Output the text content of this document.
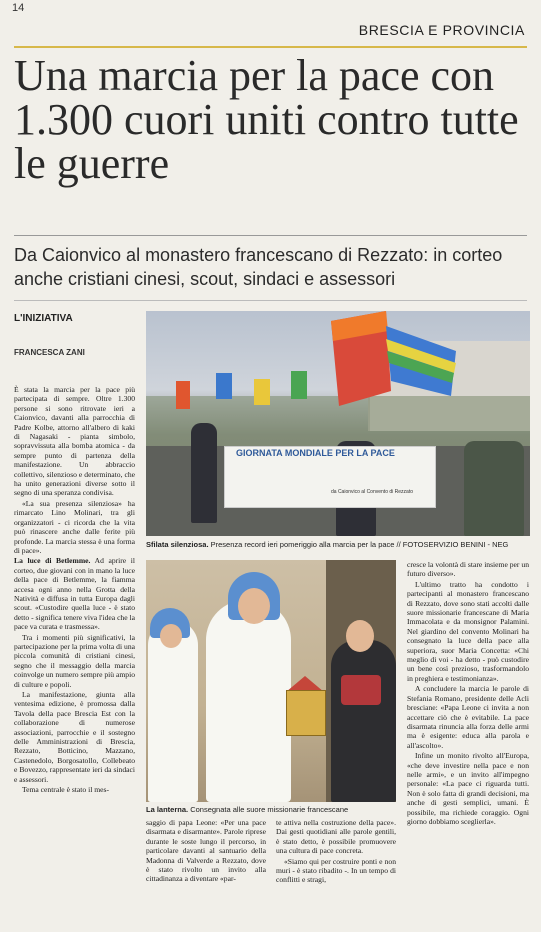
14
BRESCIA E PROVINCIA
Una marcia per la pace con 1.300 cuori uniti contro tutte le guerre

Da Caionvico al monastero francescano di Rezzato: in corteo anche cristiani cinesi, scout, sindaci e assessori

L'INIZIATIVA
FRANCESCA ZANI

È stata la marcia per la pace più partecipata di sempre. Oltre 1.300 persone si sono ritrovate ieri a Caionvico, davanti alla parrocchia di Padre Kolbe, attorno all'albero di kaki di Nagasaki - pianta simbolo, sopravvissuta alla bomba atomica - da sempre punto di partenza della manifestazione. Un abbraccio collettivo, silenzioso e determinato, che ha unito generazioni diverse sotto il segno di una speranza condivisa.

«La sua presenza silenziosa» ha rimarcato Lino Molinari, tra gli organizzatori - ci ricorda che la vita può rinascere anche dalle ferite più profonde. La marcia stessa è una forma di pace».

La luce di Betlemme. Ad aprire il corteo, due giovani con in mano la luce della pace di Betlemme, la fiamma accesa ogni anno nella Grotta della Natività e diffusa in tutta Europa dagli scout. «Custodire quella luce - è stato detto - significa tenere viva l'idea che la pace va curata e trasmessa».

Tra i momenti più significativi, la partecipazione per la prima volta di una piccola comunità di cristiani cinesi, segno che il messaggio della marcia coinvolge un numero sempre più ampio di culture e popoli.

La manifestazione, giunta alla ventesima edizione, è promossa dalla Tavola della pace Brescia Est con la collaborazione di numerose associazioni, parrocchie e il sostegno delle Amministrazioni di Brescia, Rezzato, Botticino, Mazzano, Castenedolo, Borgosatollo, Collebeato e Bovezzo, rappresentate ieri da sindaci e assessori.

Tema centrale è stato il mes-

GIORNATA MONDIALE PER LA PACE
da Caionvico al Convento di Rezzato
Sfilata silenziosa. Presenza record ieri pomeriggio alla marcia per la pace // FOTOSERVIZIO BENINI - NEG
La lanterna. Consegnata alle suore missionarie francescane

saggio di papa Leone: «Per una pace disarmata e disarmante». Parole riprese durante le soste lungo il percorso, in particolare davanti al santuario della Madonna di Valverde a Rezzato, dove è stato rivolto un invito alla cittadinanza a diventare «par-

te attiva nella costruzione della pace». Dai gesti quotidiani alle parole gentili, è stato detto, è possibile promuovere una cultura di pace concreta.

«Siamo qui per costruire ponti e non muri - è stato ribadito -. In un tempo di conflitti e stragi,

cresce la volontà di stare insieme per un futuro diverso».

L'ultimo tratto ha condotto i partecipanti al monastero francescano di Rezzato, dove sono stati accolti dalle suore missionarie francescane di Maria Immacolata e da monsignor Palamini. Nel giardino del convento Molinari ha consegnato la luce della pace alla superiora, suor Maria Concetta: «Chi meglio di voi - ha detto - può custodire un bene così prezioso, trasformandolo in preghiera e testimonianza».

A concludere la marcia le parole di Stefania Romano, presidente delle Acli bresciane: «Papa Leone ci invita a non accettare ciò che è evitabile. La pace disarmata rinuncia alla forza delle armi ma è esigente: educa alla parola e all'ascolto».

Infine un monito rivolto all'Europa, «che deve investire nella pace e non nelle armi», e un invito all'impegno personale: «La pace ci riguarda tutti. Non è solo fatta di grandi decisioni, ma anche di gesti semplici, umani. È possibile, ma richiede coraggio. Ogni giorno dobbiamo sceglierla».
